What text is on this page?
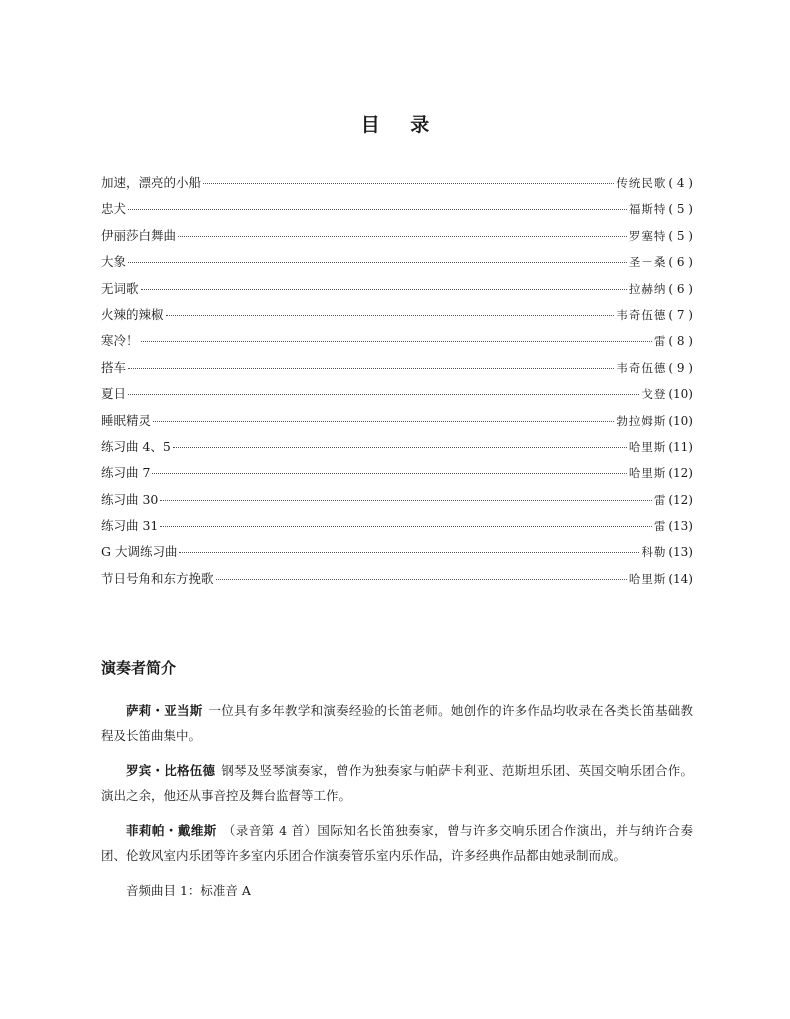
目 录
加速，漂亮的小船	传统民歌 ( 4 )
忠犬	福斯特 ( 5 )
伊丽莎白舞曲	罗塞特 ( 5 )
大象	圣－桑 ( 6 )
无词歌	拉赫纳 ( 6 )
火辣的辣椒	韦奇伍德 ( 7 )
寒冷！	雷 ( 8 )
搭车	韦奇伍德 ( 9 )
夏日	戈登 (10)
睡眠精灵	勃拉姆斯 (10)
练习曲 4、5	哈里斯 (11)
练习曲 7	哈里斯 (12)
练习曲 30	雷 (12)
练习曲 31	雷 (13)
G 大调练习曲	科勒 (13)
节日号角和东方挽歌	哈里斯 (14)
演奏者简介

萨莉・亚当斯 一位具有多年教学和演奏经验的长笛老师。她创作的许多作品均收录在各类长笛基础教程及长笛曲集中。

罗宾・比格伍德 钢琴及竖琴演奏家，曾作为独奏家与帕萨卡利亚、范斯坦乐团、英国交响乐团合作。演出之余，他还从事音控及舞台监督等工作。

菲莉帕・戴维斯 （录音第 4 首）国际知名长笛独奏家，曾与许多交响乐团合作演出，并与纳许合奏团、伦敦风室内乐团等许多室内乐团合作演奏管乐室内乐作品，许多经典作品都由她录制而成。

音频曲目 1：标准音 A
